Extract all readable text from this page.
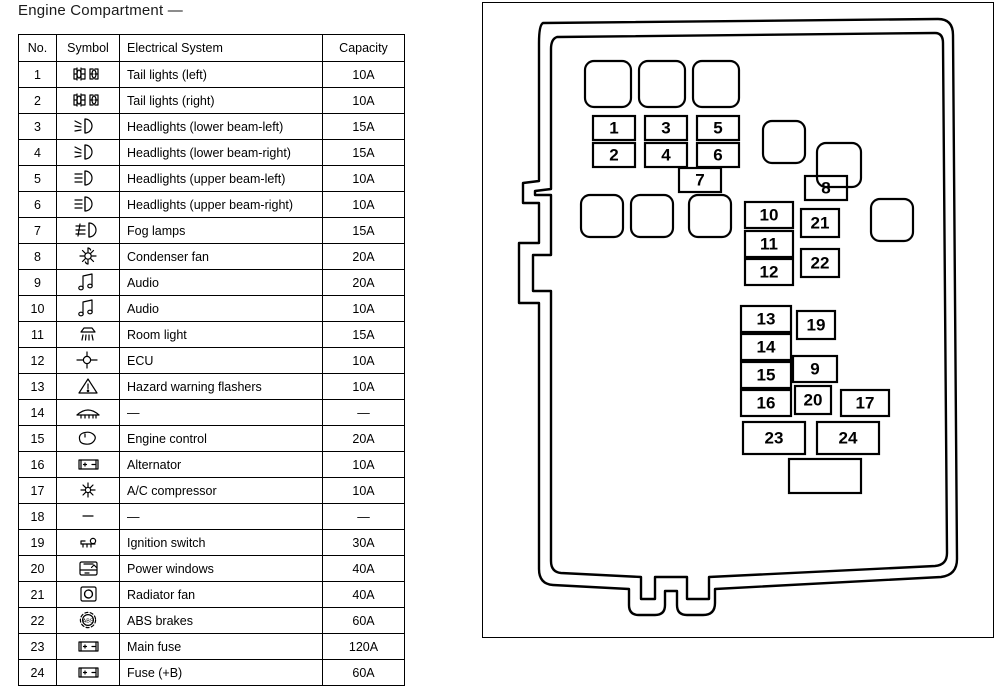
Engine Compartment —
No.	Symbol	Electrical System	Capacity
1		Tail lights (left)	10A
2		Tail lights (right)	10A
3		Headlights (lower beam-left)	15A
4		Headlights (lower beam-right)	15A
5		Headlights (upper beam-left)	10A
6		Headlights (upper beam-right)	10A
7		Fog lamps	15A
8		Condenser fan	20A
9		Audio	20A
10		Audio	10A
11		Room light	15A
12		ECU	10A
13		Hazard warning flashers	10A
14		—	—
15		Engine control	20A
16		Alternator	10A
17		A/C compressor	10A
18		—	—
19		Ignition switch	30A
20		Power windows	40A
21		Radiator fan	40A
22	ABS	ABS brakes	60A
23		Main fuse	120A
24		Fuse (+B)	60A
1
2
3
4
5
6
7	8
10
11
12
21
22
13
14
15
16
19
9
20 17
23	24
